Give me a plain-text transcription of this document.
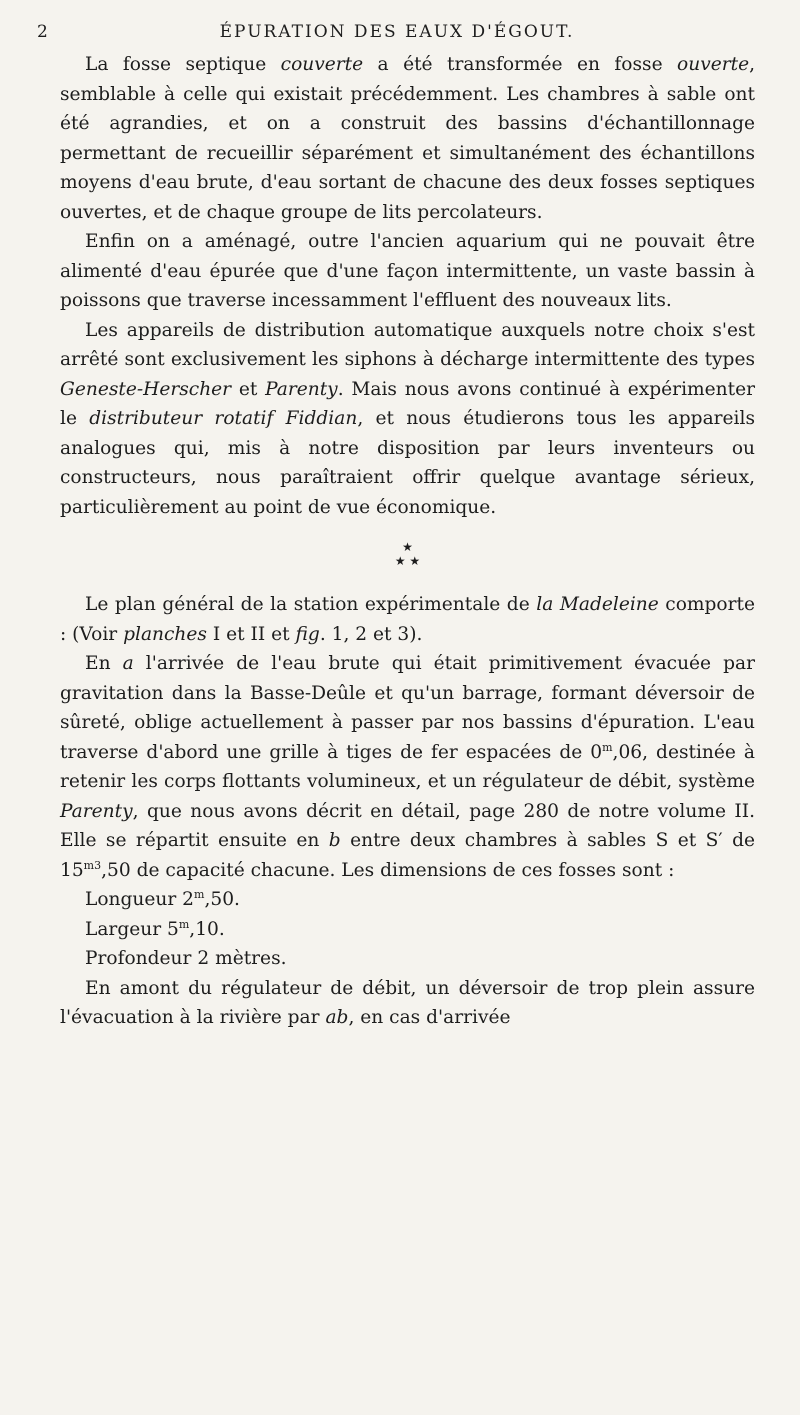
2	ÉPURATION DES EAUX D'ÉGOUT.

La fosse septique couverte a été transformée en fosse ouverte, semblable à celle qui existait précédemment. Les chambres à sable ont été agrandies, et on a construit des bassins d'échantillonnage permettant de recueillir séparément et simultanément des échantillons moyens d'eau brute, d'eau sortant de chacune des deux fosses septiques ouvertes, et de chaque groupe de lits percolateurs.

Enfin on a aménagé, outre l'ancien aquarium qui ne pouvait être alimenté d'eau épurée que d'une façon intermittente, un vaste bassin à poissons que traverse incessamment l'effluent des nouveaux lits.

Les appareils de distribution automatique auxquels notre choix s'est arrêté sont exclusivement les siphons à décharge intermittente des types Geneste-Herscher et Parenty. Mais nous avons continué à expérimenter le distributeur rotatif Fiddian, et nous étudierons tous les appareils analogues qui, mis à notre disposition par leurs inventeurs ou constructeurs, nous paraîtraient offrir quelque avantage sérieux, particulièrement au point de vue économique.

★
★ ★

Le plan général de la station expérimentale de la Madeleine comporte : (Voir planches I et II et fig. 1, 2 et 3).

En a l'arrivée de l'eau brute qui était primitivement évacuée par gravitation dans la Basse-Deûle et qu'un barrage, formant déversoir de sûreté, oblige actuellement à passer par nos bassins d'épuration. L'eau traverse d'abord une grille à tiges de fer espacées de 0$^m$,06, destinée à retenir les corps flottants volumineux, et un régulateur de débit, système Parenty, que nous avons décrit en détail, page 280 de notre volume II. Elle se répartit ensuite en b entre deux chambres à sables S et S′ de $15^{m3},50$ de capacité chacune. Les dimensions de ces fosses sont :

Longueur 2$^m$,50.

Largeur 5$^m$,10.

Profondeur 2 mètres.

En amont du régulateur de débit, un déversoir de trop plein assure l'évacuation à la rivière par ab, en cas d'arrivée
